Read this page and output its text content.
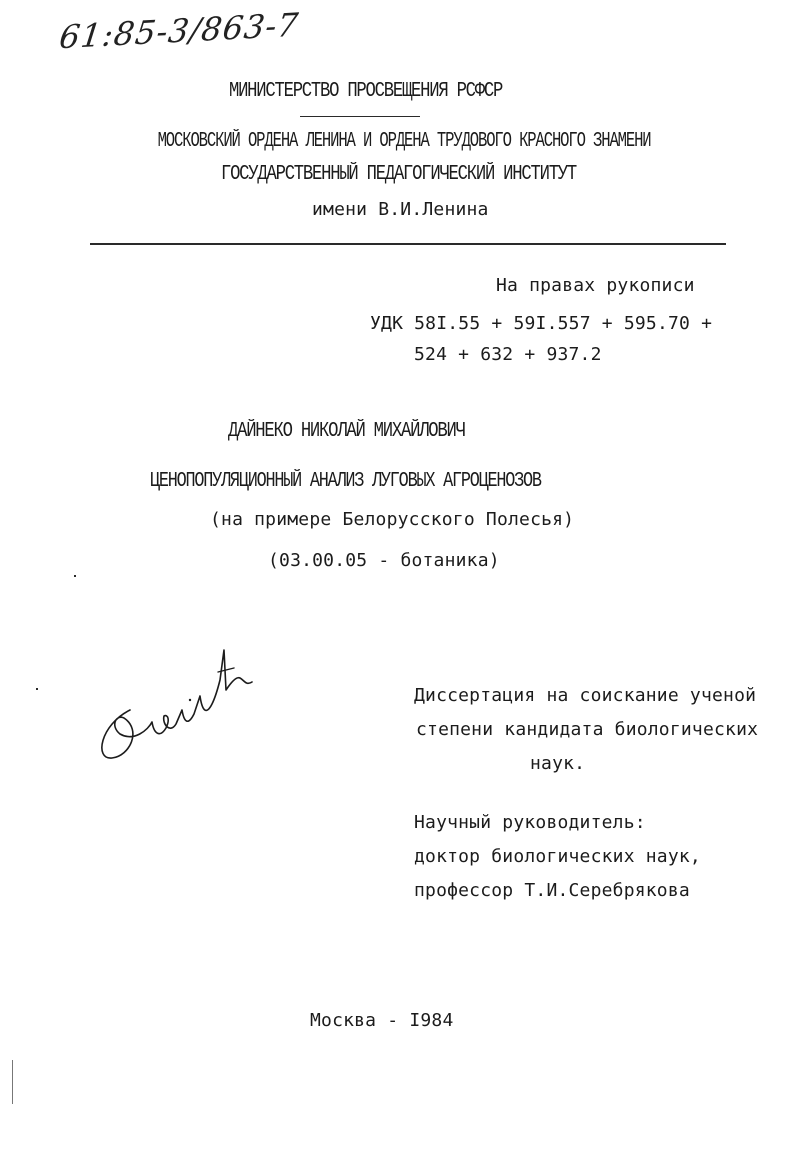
61:85-3/863-7
МИНИСТЕРСТВО ПРОСВЕЩЕНИЯ РСФСР
МОСКОВСКИЙ ОРДЕНА ЛЕНИНА И ОРДЕНА ТРУДОВОГО КРАСНОГО ЗНАМЕНИ
ГОСУДАРСТВЕННЫЙ ПЕДАГОГИЧЕСКИЙ ИНСТИТУТ
имени В.И.Ленина
На правах рукописи
УДК 58I.55 + 59I.557 + 595.70 +
524 + 632 + 937.2
ДАЙНЕКО НИКОЛАЙ МИХАЙЛОВИЧ
ЦЕНОПОПУЛЯЦИОННЫЙ АНАЛИЗ ЛУГОВЫХ АГРОЦЕНОЗОВ
(на примере Белорусского Полесья)
(03.00.05 - ботаника)
Диссертация на соискание ученой
степени кандидата биологических
наук.
Научный руководитель:
доктор биологических наук,
профессор Т.И.Серебрякова
Москва - I984
